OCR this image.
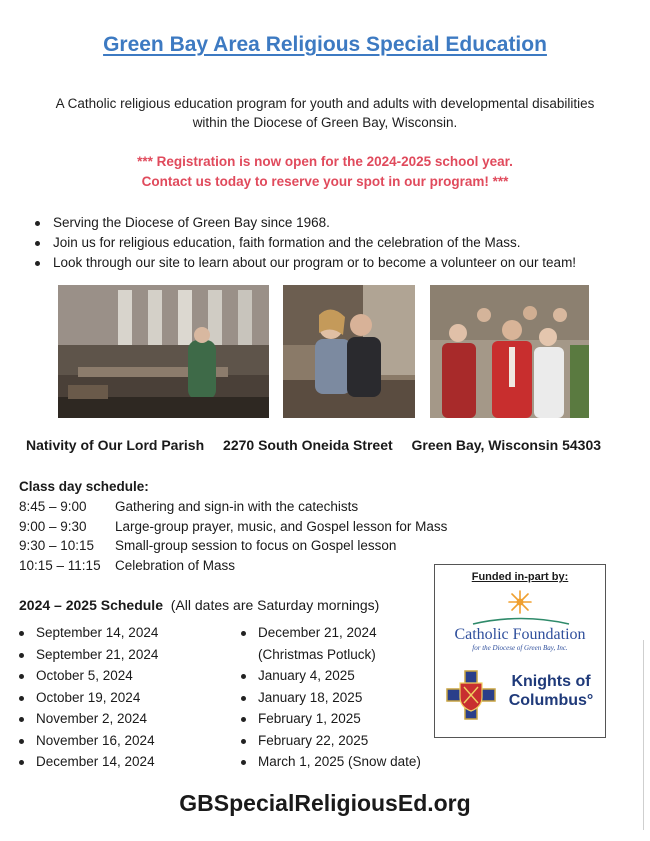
Green Bay Area Religious Special Education
A Catholic religious education program for youth and adults with developmental disabilities
within the Diocese of Green Bay, Wisconsin.
*** Registration is now open for the 2024-2025 school year.
Contact us today to reserve your spot in our program! ***
Serving the Diocese of Green Bay since 1968.
Join us for religious education, faith formation and the celebration of the Mass.
Look through our site to learn about our program or to become a volunteer on our team!
Nativity of Our Lord Parish 2270 South Oneida Street Green Bay, Wisconsin 54303
Class day schedule:
8:45 – 9:00	Gathering and sign-in with the catechists
9:00 – 9:30	Large-group prayer, music, and Gospel lesson for Mass
9:30 – 10:15	Small-group session to focus on Gospel lesson
10:15 – 11:15	Celebration of Mass
2024 – 2025 Schedule (All dates are Saturday mornings)
September 14, 2024
September 21, 2024
October 5, 2024
October 19, 2024
November 2, 2024
November 16, 2024
December 14, 2024
December 21, 2024
(Christmas Potluck)
January 4, 2025
January 18, 2025
February 1, 2025
February 22, 2025
March 1, 2025 (Snow date)
Funded in-part by:
Catholic Foundation
for the Diocese of Green Bay, Inc.
Knights of
Columbus°
GBSpecialReligiousEd.org
